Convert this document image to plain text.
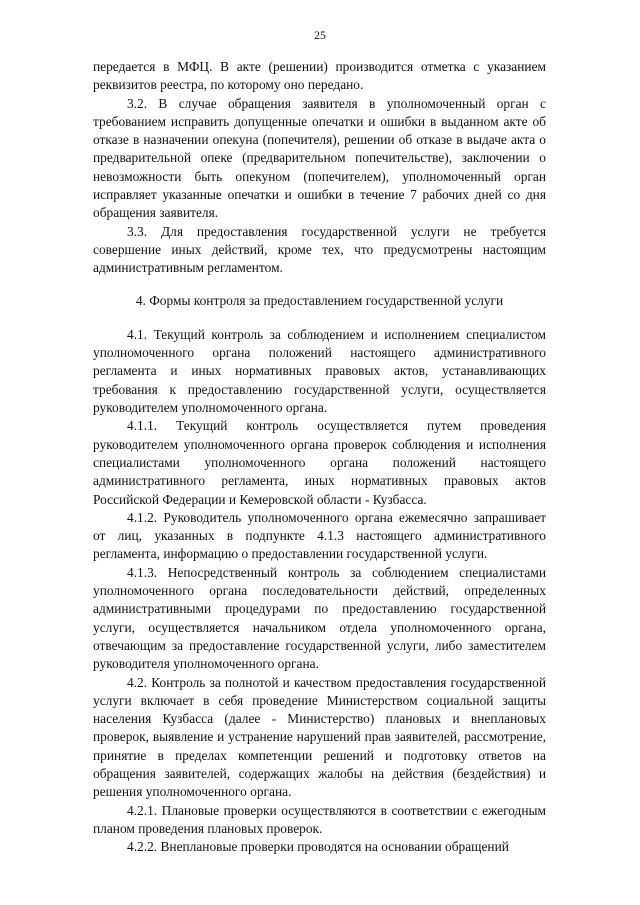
25

передается в МФЦ. В акте (решении) производится отметка с указанием реквизитов реестра, по которому оно передано.

3.2. В случае обращения заявителя в уполномоченный орган с требованием исправить допущенные опечатки и ошибки в выданном акте об отказе в назначении опекуна (попечителя), решении об отказе в выдаче акта о предварительной опеке (предварительном попечительстве), заключении о невозможности быть опекуном (попечителем), уполномоченный орган исправляет указанные опечатки и ошибки в течение 7 рабочих дней со дня обращения заявителя.

3.3. Для предоставления государственной услуги не требуется совершение иных действий, кроме тех, что предусмотрены настоящим административным регламентом.

4. Формы контроля за предоставлением государственной услуги

4.1. Текущий контроль за соблюдением и исполнением специалистом уполномоченного органа положений настоящего административного регламента и иных нормативных правовых актов, устанавливающих требования к предоставлению государственной услуги, осуществляется руководителем уполномоченного органа.

4.1.1. Текущий контроль осуществляется путем проведения руководителем уполномоченного органа проверок соблюдения и исполнения специалистами уполномоченного органа положений настоящего административного регламента, иных нормативных правовых актов Российской Федерации и Кемеровской области - Кузбасса.

4.1.2. Руководитель уполномоченного органа ежемесячно запрашивает от лиц, указанных в подпункте 4.1.3 настоящего административного регламента, информацию о предоставлении государственной услуги.

4.1.3. Непосредственный контроль за соблюдением специалистами уполномоченного органа последовательности действий, определенных административными процедурами по предоставлению государственной услуги, осуществляется начальником отдела уполномоченного органа, отвечающим за предоставление государственной услуги, либо заместителем руководителя уполномоченного органа.

4.2. Контроль за полнотой и качеством предоставления государственной услуги включает в себя проведение Министерством социальной защиты населения Кузбасса (далее - Министерство) плановых и внеплановых проверок, выявление и устранение нарушений прав заявителей, рассмотрение, принятие в пределах компетенции решений и подготовку ответов на обращения заявителей, содержащих жалобы на действия (бездействия) и решения уполномоченного органа.

4.2.1. Плановые проверки осуществляются в соответствии с ежегодным планом проведения плановых проверок.

4.2.2. Внеплановые проверки проводятся на основании обращений
